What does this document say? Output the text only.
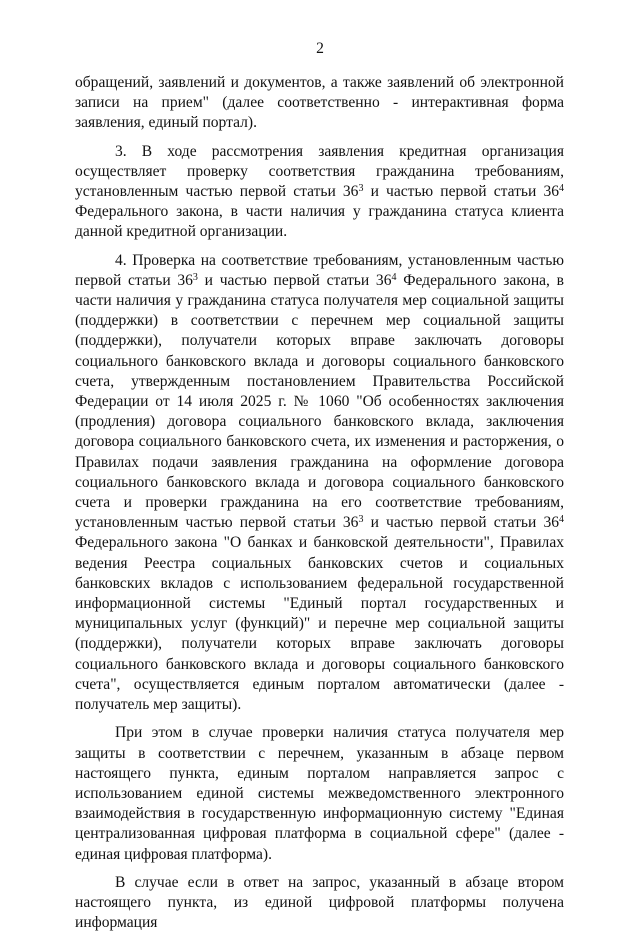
2

обращений, заявлений и документов, а также заявлений об электронной записи на прием" (далее соответственно - интерактивная форма заявления, единый портал).

3. В ходе рассмотрения заявления кредитная организация осуществляет проверку соответствия гражданина требованиям, установленным частью первой статьи $36^3$ и частью первой статьи $36^4$ Федерального закона, в части наличия у гражданина статуса клиента данной кредитной организации.

4. Проверка на соответствие требованиям, установленным частью первой статьи $36^3$ и частью первой статьи $36^4$ Федерального закона, в части наличия у гражданина статуса получателя мер социальной защиты (поддержки) в соответствии с перечнем мер социальной защиты (поддержки), получатели которых вправе заключать договоры социального банковского вклада и договоры социального банковского счета, утвержденным постановлением Правительства Российской Федерации от 14 июля 2025 г. № 1060 "Об особенностях заключения (продления) договора социального банковского вклада, заключения договора социального банковского счета, их изменения и расторжения, о Правилах подачи заявления гражданина на оформление договора социального банковского вклада и договора социального банковского счета и проверки гражданина на его соответствие требованиям, установленным частью первой статьи $36^3$ и частью первой статьи $36^4$ Федерального закона "О банках и банковской деятельности", Правилах ведения Реестра социальных банковских счетов и социальных банковских вкладов с использованием федеральной государственной информационной системы "Единый портал государственных и муниципальных услуг (функций)" и перечне мер социальной защиты (поддержки), получатели которых вправе заключать договоры социального банковского вклада и договоры социального банковского счета", осуществляется единым порталом автоматически (далее - получатель мер защиты).

При этом в случае проверки наличия статуса получателя мер защиты в соответствии с перечнем, указанным в абзаце первом настоящего пункта, единым порталом направляется запрос с использованием единой системы межведомственного электронного взаимодействия в государственную информационную систему "Единая централизованная цифровая платформа в социальной сфере" (далее - единая цифровая платформа).

В случае если в ответ на запрос, указанный в абзаце втором настоящего пункта, из единой цифровой платформы получена информация
